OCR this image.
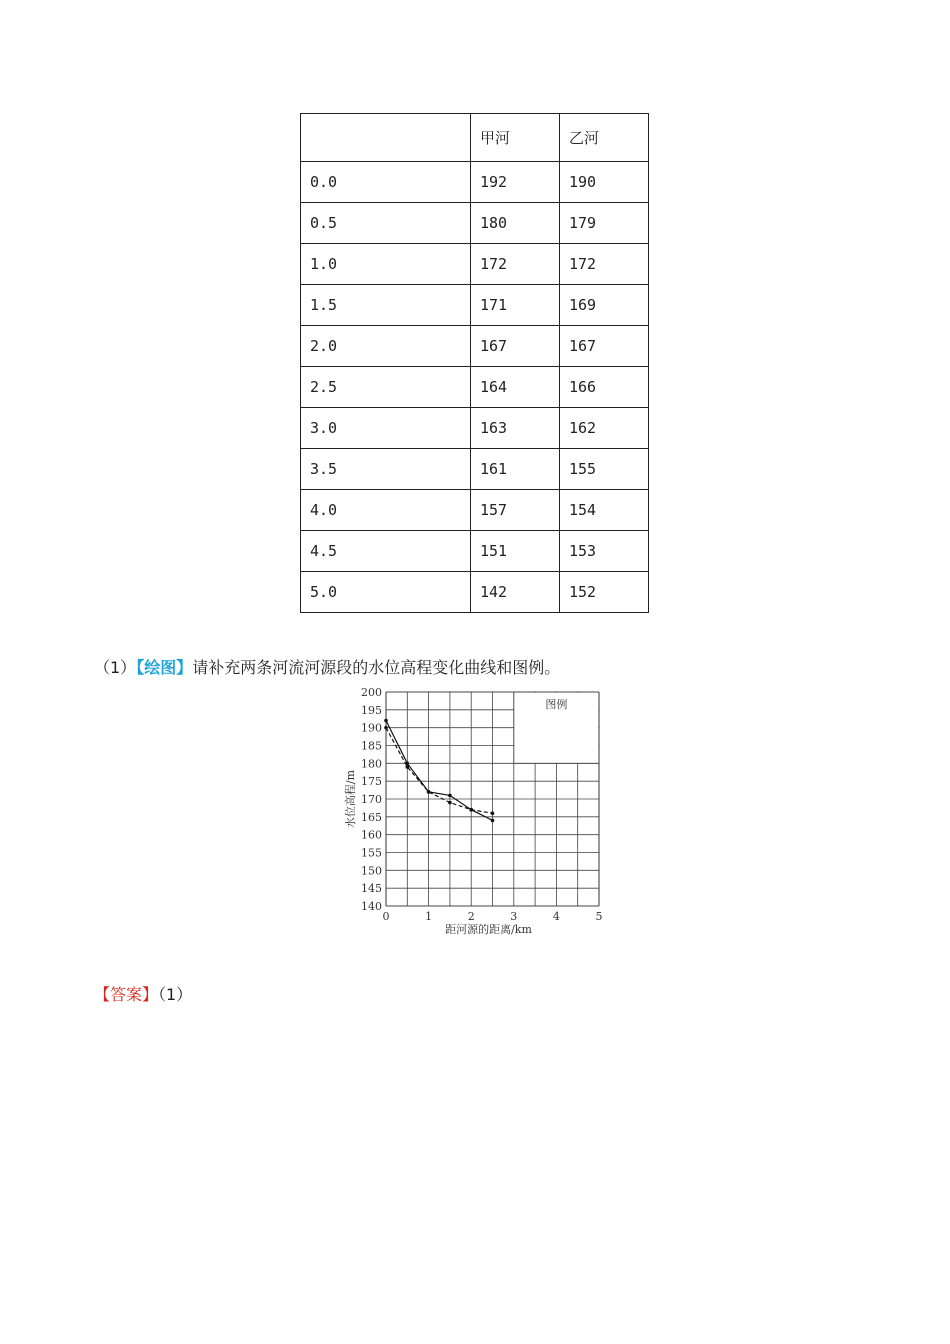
	甲河	乙河
0.0	192	190
0.5	180	179
1.0	172	172
1.5	171	169
2.0	167	167
2.5	164	166
3.0	163	162
3.5	161	155
4.0	157	154
4.5	151	153
5.0	142	152
（1）【绘图】请补充两条河流河源段的水位高程变化曲线和图例。
图例
200
195
190
185
180
175
170
165
160
155
150
145
140
0	1	2	3	4	5
水位高程/m
距河源的距离/km
【答案】（1）
